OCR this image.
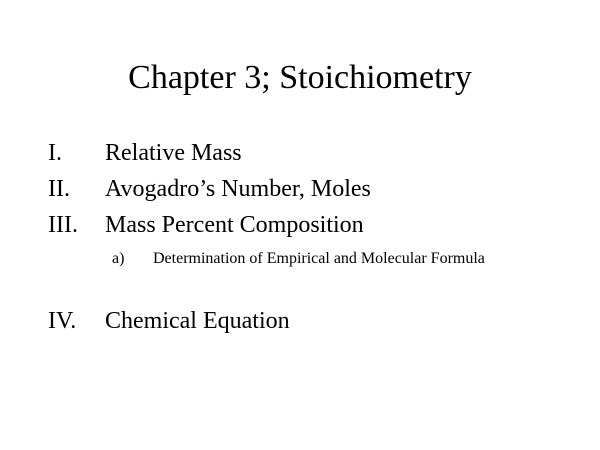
Chapter 3; Stoichiometry
I. Relative Mass
II. Avogadro’s Number, Moles
III. Mass Percent Composition
a) Determination of Empirical and Molecular Formula
IV. Chemical Equation
